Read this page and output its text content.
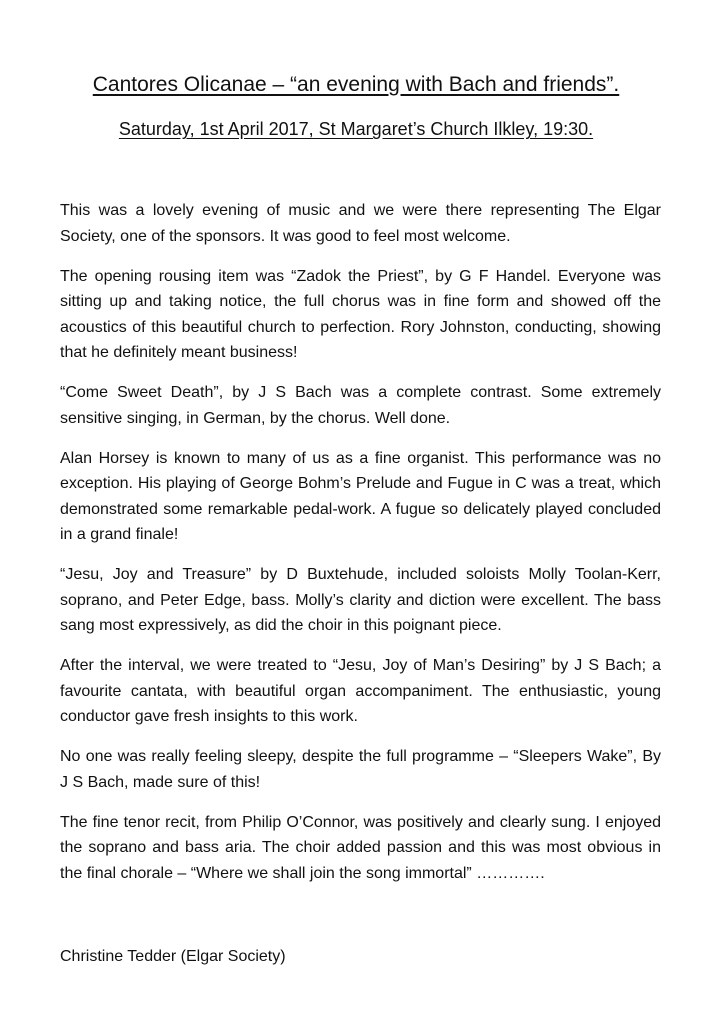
Cantores Olicanae – “an evening with Bach and friends”.
Saturday, 1st April 2017, St Margaret’s Church Ilkley, 19:30.

This was a lovely evening of music and we were there representing The Elgar Society, one of the sponsors. It was good to feel most welcome.

The opening rousing item was “Zadok the Priest”, by G F Handel. Everyone was sitting up and taking notice, the full chorus was in fine form and showed off the acoustics of this beautiful church to perfection. Rory Johnston, conducting, showing that he definitely meant business!

“Come Sweet Death”, by J S Bach was a complete contrast. Some extremely sensitive singing, in German, by the chorus. Well done.

Alan Horsey is known to many of us as a fine organist. This performance was no exception. His playing of George Bohm’s Prelude and Fugue in C was a treat, which demonstrated some remarkable pedal-work. A fugue so delicately played concluded in a grand finale!

“Jesu, Joy and Treasure” by D Buxtehude, included soloists Molly Toolan-Kerr, soprano, and Peter Edge, bass. Molly’s clarity and diction were excellent. The bass sang most expressively, as did the choir in this poignant piece.

After the interval, we were treated to “Jesu, Joy of Man’s Desiring” by J S Bach; a favourite cantata, with beautiful organ accompaniment. The enthusiastic, young conductor gave fresh insights to this work.

No one was really feeling sleepy, despite the full programme – “Sleepers Wake”, By J S Bach, made sure of this!

The fine tenor recit, from Philip O’Connor, was positively and clearly sung. I enjoyed the soprano and bass aria. The choir added passion and this was most obvious in the final chorale – “Where we shall join the song immortal” ………….

Christine Tedder (Elgar Society)
